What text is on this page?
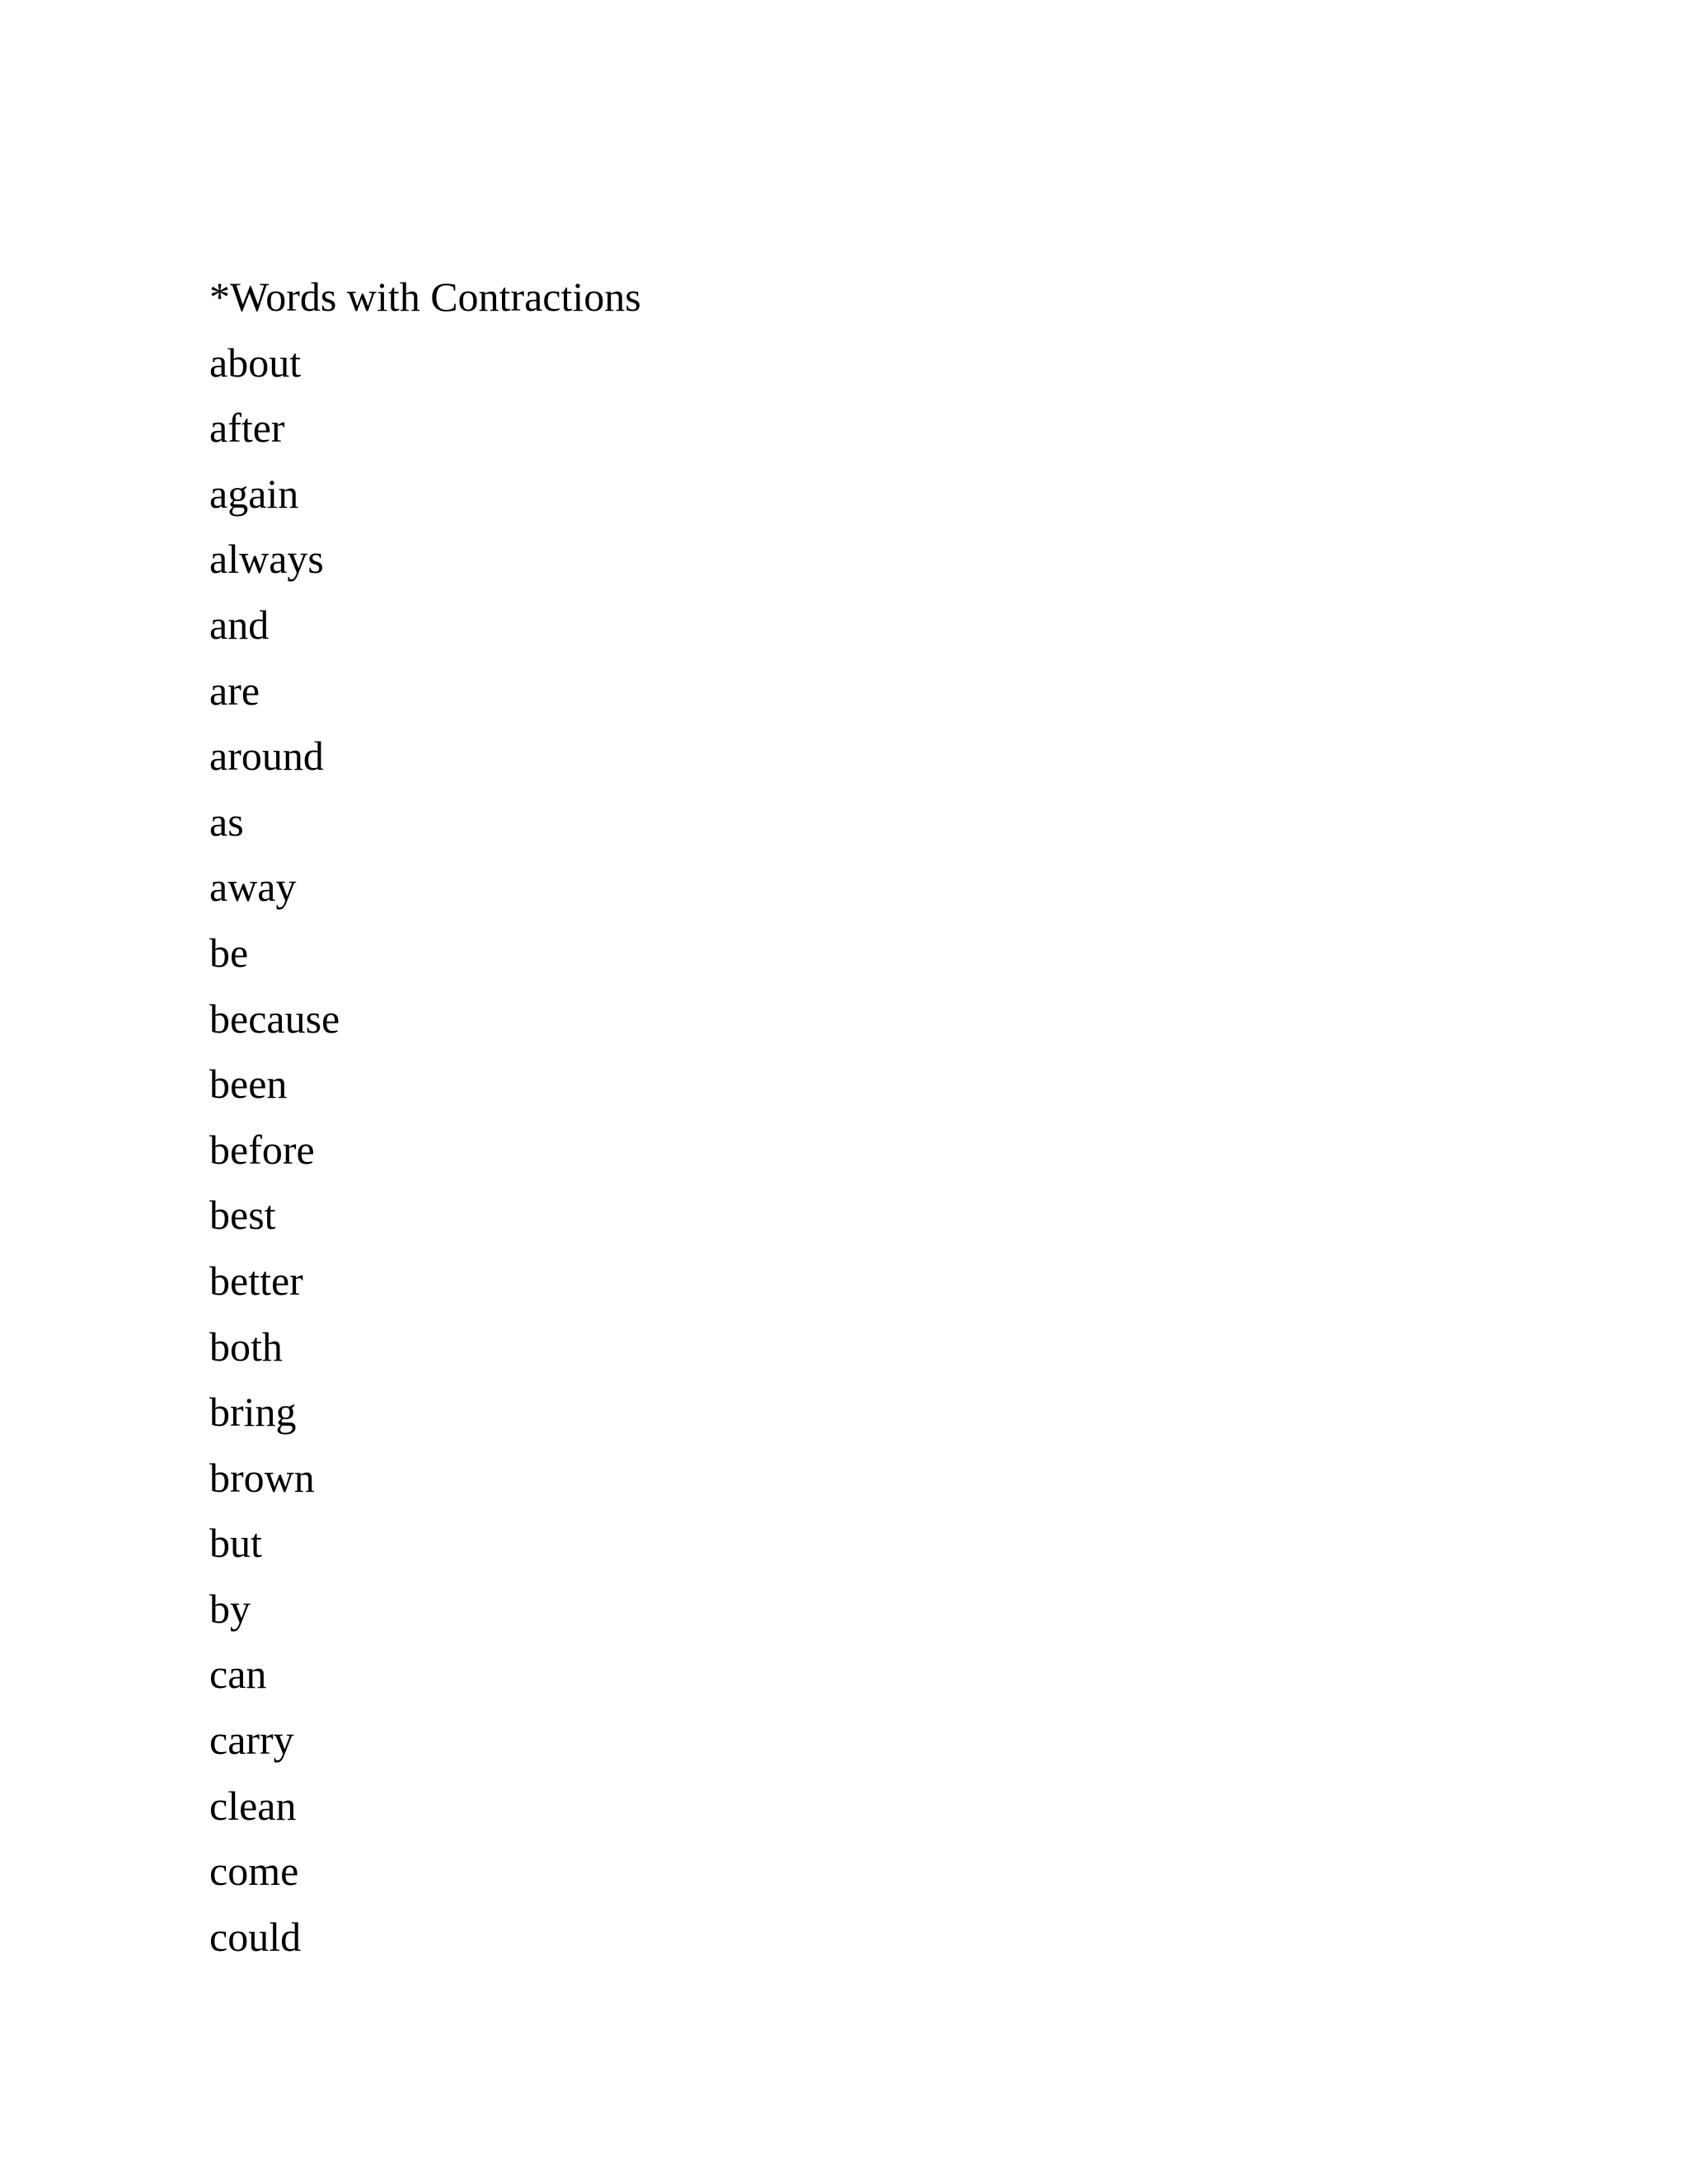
*Words with Contractions
about
after
again
always
and
are
around
as
away
be
because
been
before
best
better
both
bring
brown
but
by
can
carry
clean
come
could
